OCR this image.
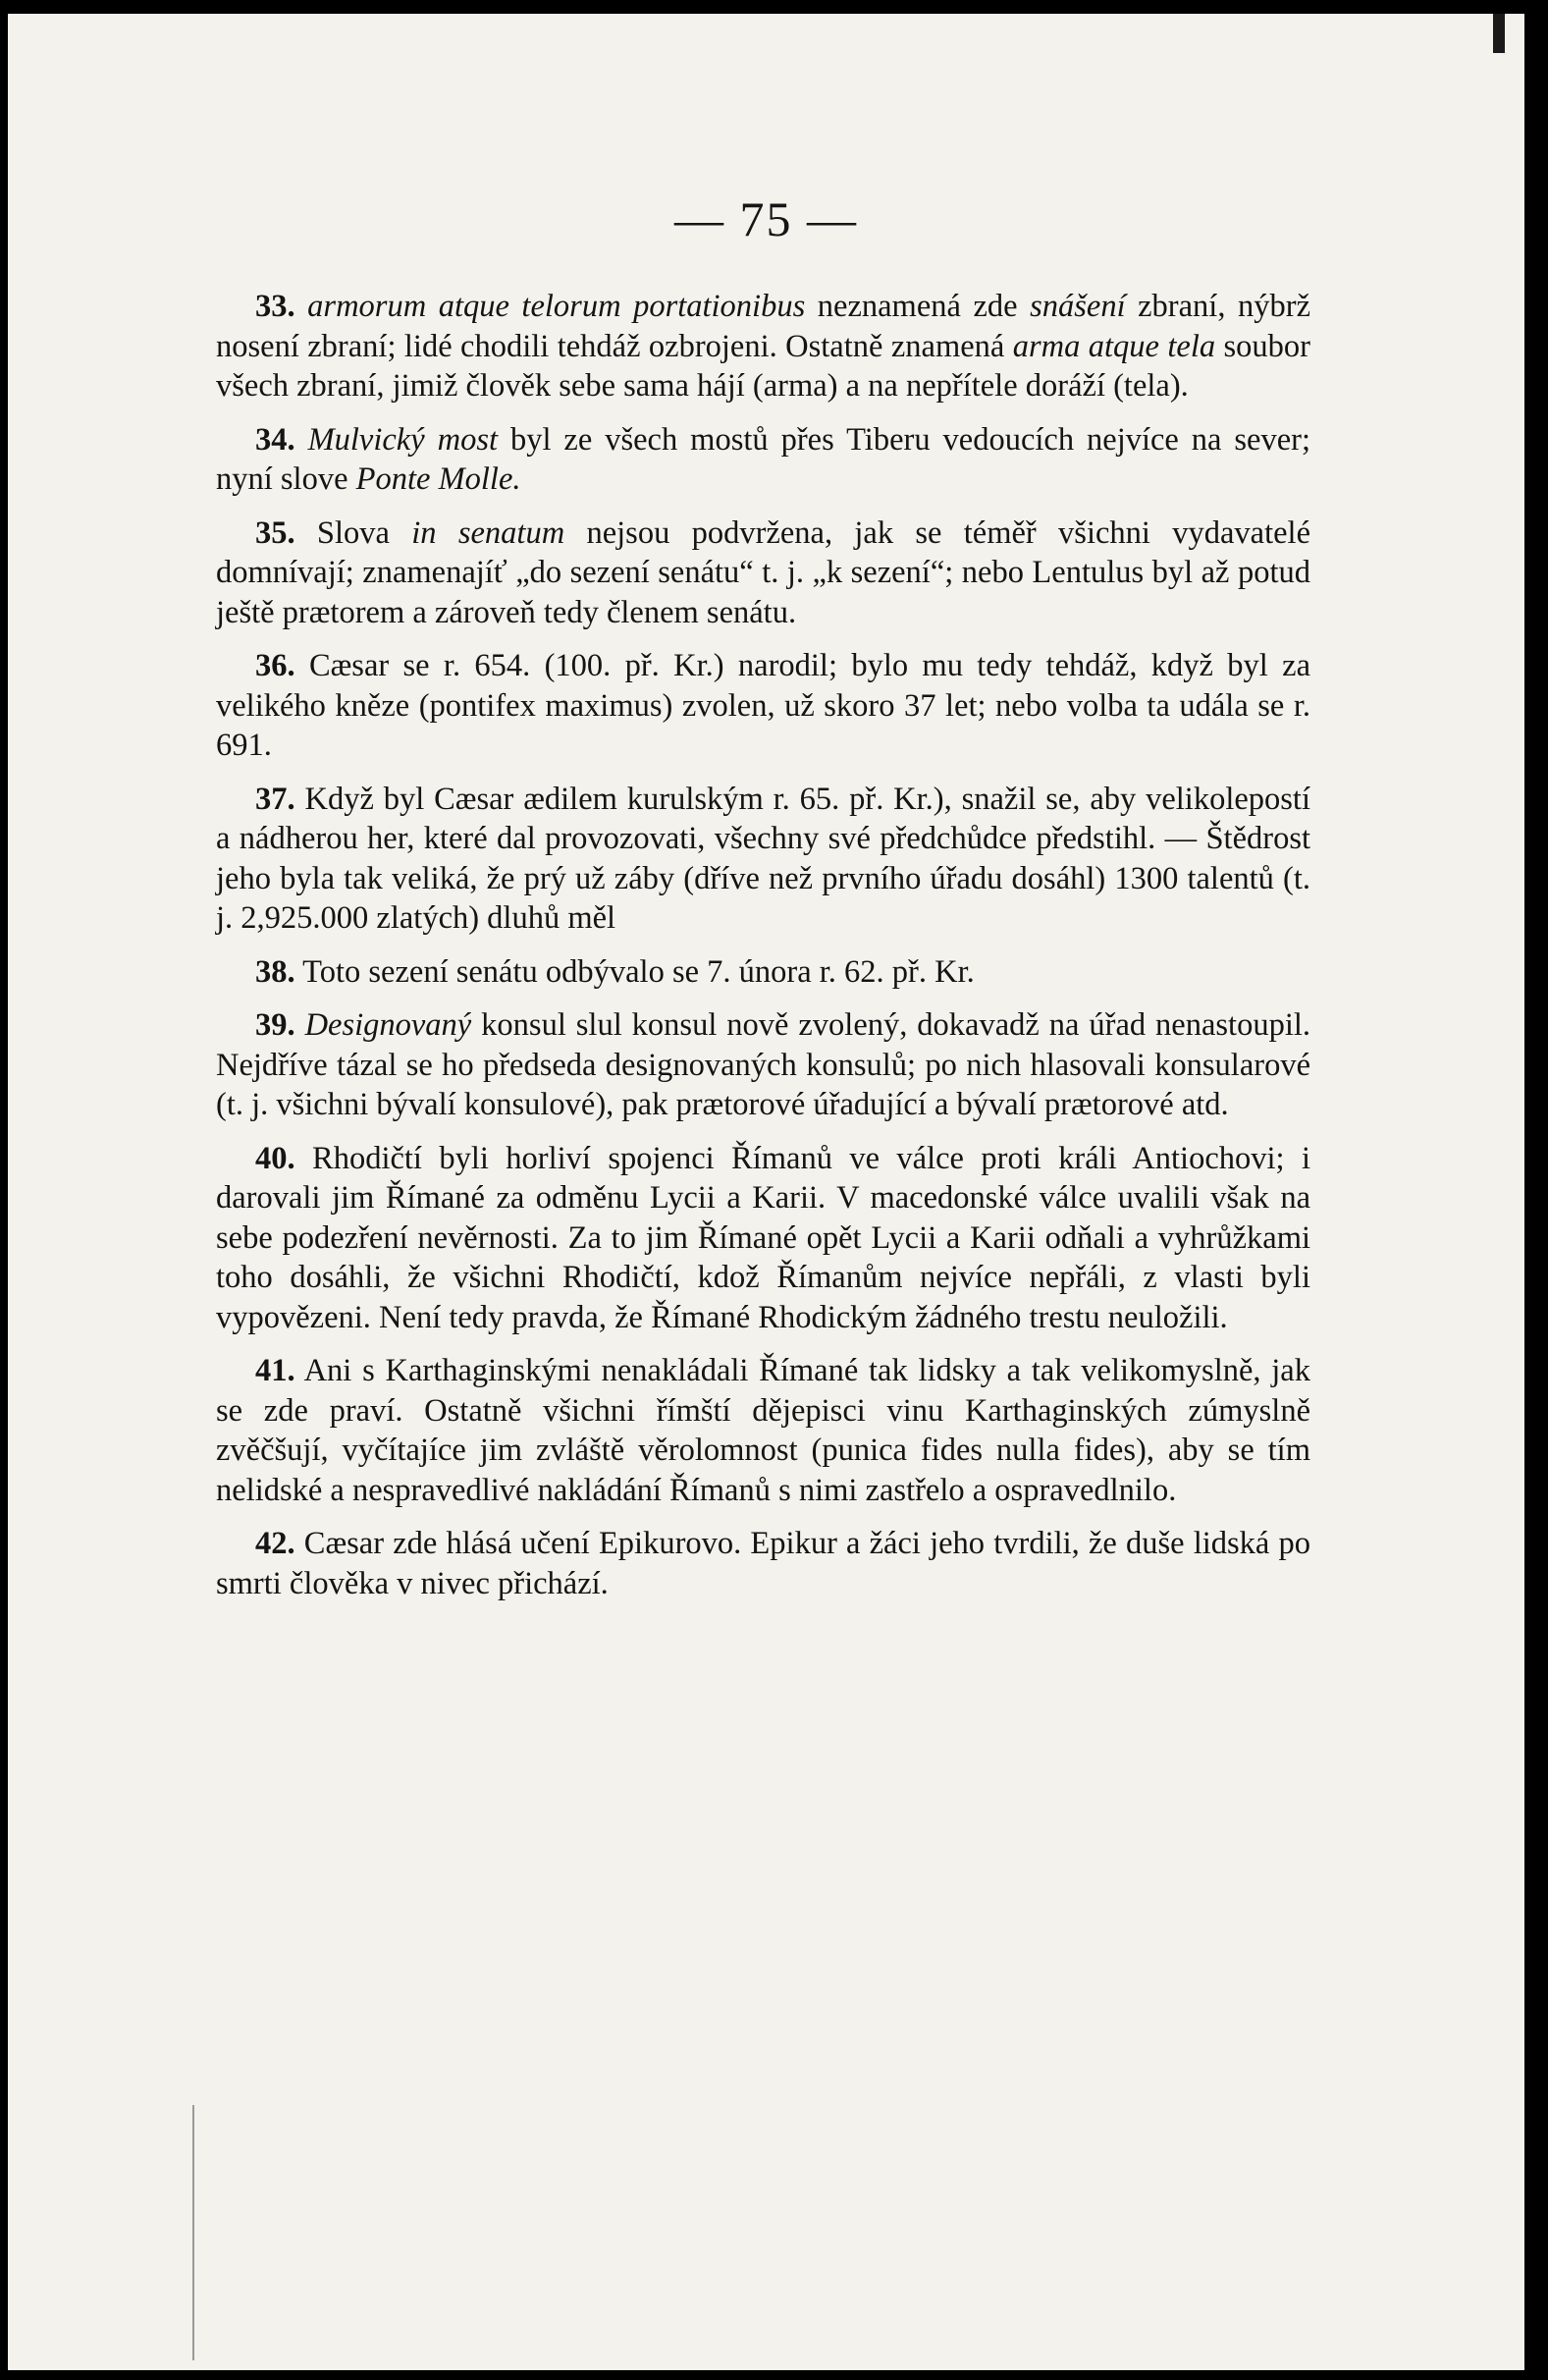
— 75 —

33. armorum atque telorum portationibus neznamená zde snášení zbraní, nýbrž nosení zbraní; lidé chodili tehdáž ozbrojeni. Ostatně znamená arma atque tela soubor všech zbraní, jimiž člověk sebe sama hájí (arma) a na nepřítele doráží (tela).

34. Mulvický most byl ze všech mostů přes Tiberu vedoucích nejvíce na sever; nyní slove Ponte Molle.

35. Slova in senatum nejsou podvržena, jak se téměř všichni vydavatelé domnívají; znamenajíť „do sezení senátu“ t. j. „k sezení“; nebo Lentulus byl až potud ještě prætorem a zároveň tedy členem senátu.

36. Cæsar se r. 654. (100. př. Kr.) narodil; bylo mu tedy tehdáž, když byl za velikého kněze (pontifex maximus) zvolen, už skoro 37 let; nebo volba ta udála se r. 691.

37. Když byl Cæsar ædilem kurulským r. 65. př. Kr.), snažil se, aby velikolepostí a nádherou her, které dal provozovati, všechny své předchůdce předstihl. — Štědrost jeho byla tak veliká, že prý už záby (dříve než prvního úřadu dosáhl) 1300 talentů (t. j. 2,925.000 zlatých) dluhů měl

38. Toto sezení senátu odbývalo se 7. února r. 62. př. Kr.

39. Designovaný konsul slul konsul nově zvolený, dokavadž na úřad nenastoupil. Nejdříve tázal se ho předseda designovaných konsulů; po nich hlasovali konsularové (t. j. všichni bývalí konsulové), pak prætorové úřadující a bývalí prætorové atd.

40. Rhodičtí byli horliví spojenci Římanů ve válce proti králi Antiochovi; i darovali jim Římané za odměnu Lycii a Karii. V macedonské válce uvalili však na sebe podezření nevěrnosti. Za to jim Římané opět Lycii a Karii odňali a vyhrůžkami toho dosáhli, že všichni Rhodičtí, kdož Římanům nejvíce nepřáli, z vlasti byli vypovězeni. Není tedy pravda, že Římané Rhodickým žádného trestu neuložili.

41. Ani s Karthaginskými nenakládali Římané tak lidsky a tak velikomyslně, jak se zde praví. Ostatně všichni římští dějepisci vinu Karthaginských zúmyslně zvěčšují, vyčítajíce jim zvláště věrolomnost (punica fides nulla fides), aby se tím nelidské a nespravedlivé nakládání Římanů s nimi zastřelo a ospravedlnilo.

42. Cæsar zde hlásá učení Epikurovo. Epikur a žáci jeho tvrdili, že duše lidská po smrti člověka v nivec přichází.
